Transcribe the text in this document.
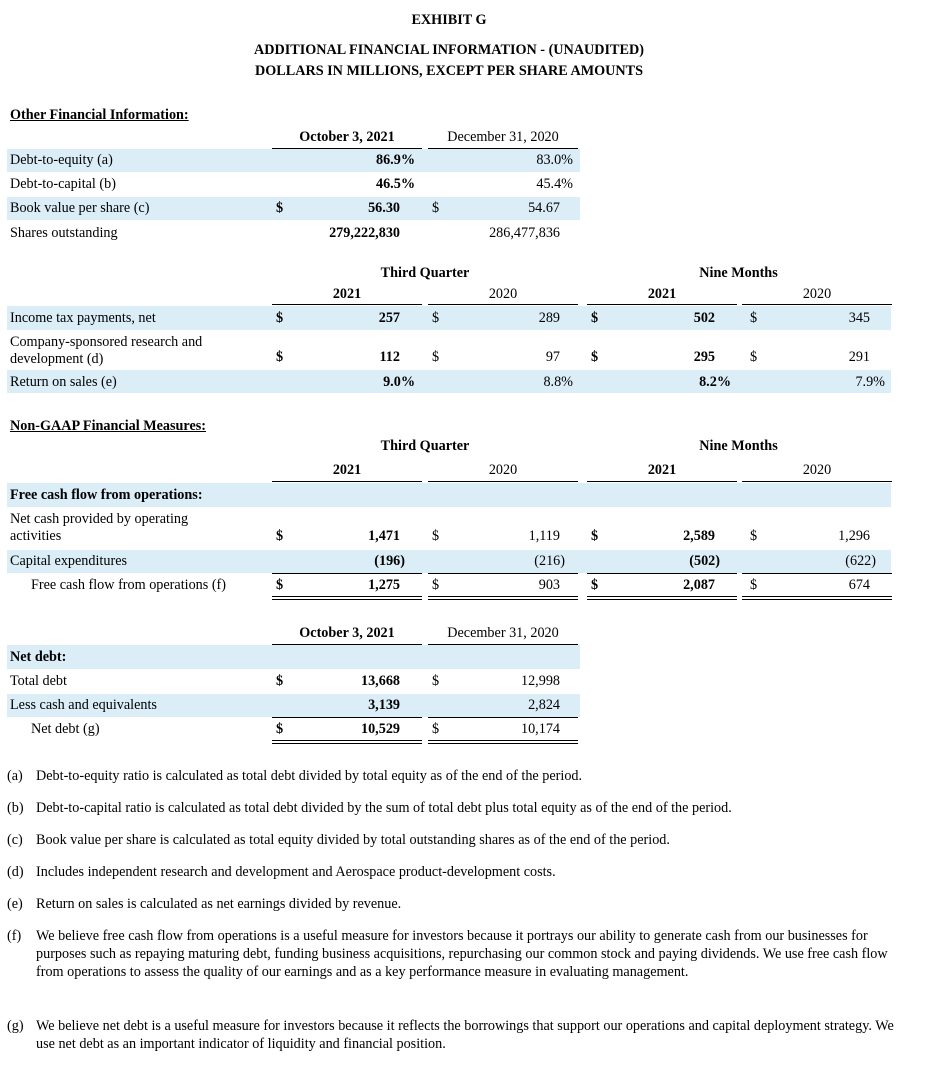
EXHIBIT G
ADDITIONAL FINANCIAL INFORMATION - (UNAUDITED)
DOLLARS IN MILLIONS, EXCEPT PER SHARE AMOUNTS
Other Financial Information:
October 3, 2021	December 31, 2020
Debt-to-equity (a)	86.9%	83.0%
Debt-to-capital (b)	46.5%	45.4%
Book value per share (c)	$	56.30 $	54.67
Shares outstanding	279,222,830	286,477,836
Third Quarter	Nine Months
2021	2020	2021	2020
Income tax payments, net	$	257 $	289 $	502 $	345
Company-sponsored research and
development (d)	$	112 $	97 $	295 $	291
Return on sales (e)	9.0%	8.8%	8.2%	7.9%
Non-GAAP Financial Measures:
Third Quarter	Nine Months
2021	2020	2021	2020
Free cash flow from operations:
Net cash provided by operating
activities	$	1,471 $	1,119 $	2,589 $	1,296
Capital expenditures	(196)	(216)	(502)	(622)
Free cash flow from operations (f)	$	1,275 $	903 $	2,087 $	674
October 3, 2021	December 31, 2020
Net debt:
Total debt	$	13,668 $	12,998
Less cash and equivalents	3,139	2,824
Net debt (g)	$	10,529 $	10,174
(a) Debt-to-equity ratio is calculated as total debt divided by total equity as of the end of the period.
(b) Debt-to-capital ratio is calculated as total debt divided by the sum of total debt plus total equity as of the end of the period.
(c) Book value per share is calculated as total equity divided by total outstanding shares as of the end of the period.
(d) Includes independent research and development and Aerospace product-development costs.
(e) Return on sales is calculated as net earnings divided by revenue.
(f) We believe free cash flow from operations is a useful measure for investors because it portrays our ability to generate cash from our businesses for purposes such as repaying maturing debt, funding business acquisitions, repurchasing our common stock and paying dividends. We use free cash flow from operations to assess the quality of our earnings and as a key performance measure in evaluating management.
(g) We believe net debt is a useful measure for investors because it reflects the borrowings that support our operations and capital deployment strategy. We use net debt as an important indicator of liquidity and financial position.
